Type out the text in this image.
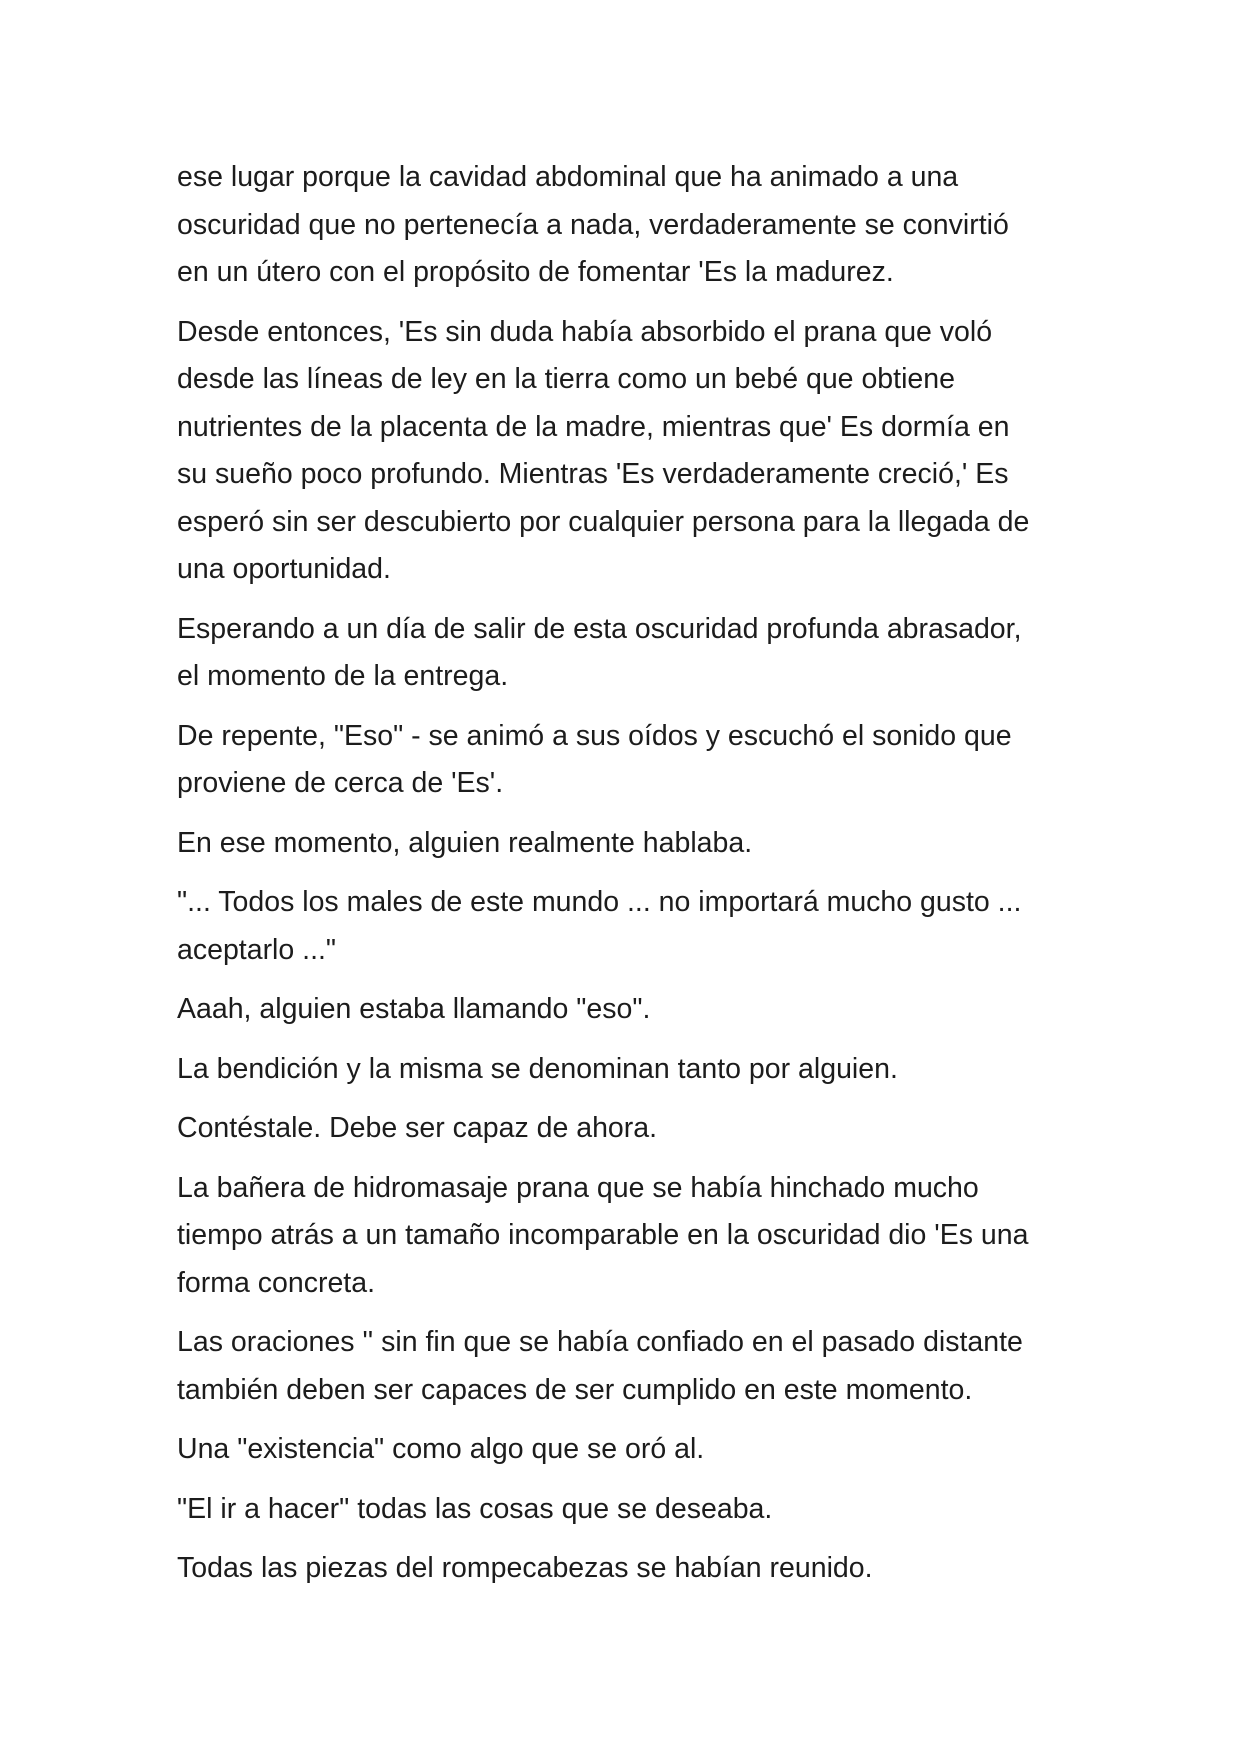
ese lugar porque la cavidad abdominal que ha animado a una
oscuridad que no pertenecía a nada, verdaderamente se convirtió
en un útero con el propósito de fomentar 'Es la madurez.

Desde entonces, 'Es sin duda había absorbido el prana que voló
desde las líneas de ley en la tierra como un bebé que obtiene
nutrientes de la placenta de la madre, mientras que' Es dormía en
su sueño poco profundo. Mientras 'Es verdaderamente creció,' Es
esperó sin ser descubierto por cualquier persona para la llegada de
una oportunidad.

Esperando a un día de salir de esta oscuridad profunda abrasador,
el momento de la entrega.

De repente, "Eso" - se animó a sus oídos y escuchó el sonido que
proviene de cerca de 'Es'.

En ese momento, alguien realmente hablaba.

"... Todos los males de este mundo ... no importará mucho gusto ...
aceptarlo ..."

Aaah, alguien estaba llamando "eso".

La bendición y la misma se denominan tanto por alguien.

Contéstale. Debe ser capaz de ahora.

La bañera de hidromasaje prana que se había hinchado mucho
tiempo atrás a un tamaño incomparable en la oscuridad dio 'Es una
forma concreta.

Las oraciones '' sin fin que se había confiado en el pasado distante
también deben ser capaces de ser cumplido en este momento.

Una "existencia" como algo que se oró al.

"El ir a hacer" todas las cosas que se deseaba.

Todas las piezas del rompecabezas se habían reunido.
